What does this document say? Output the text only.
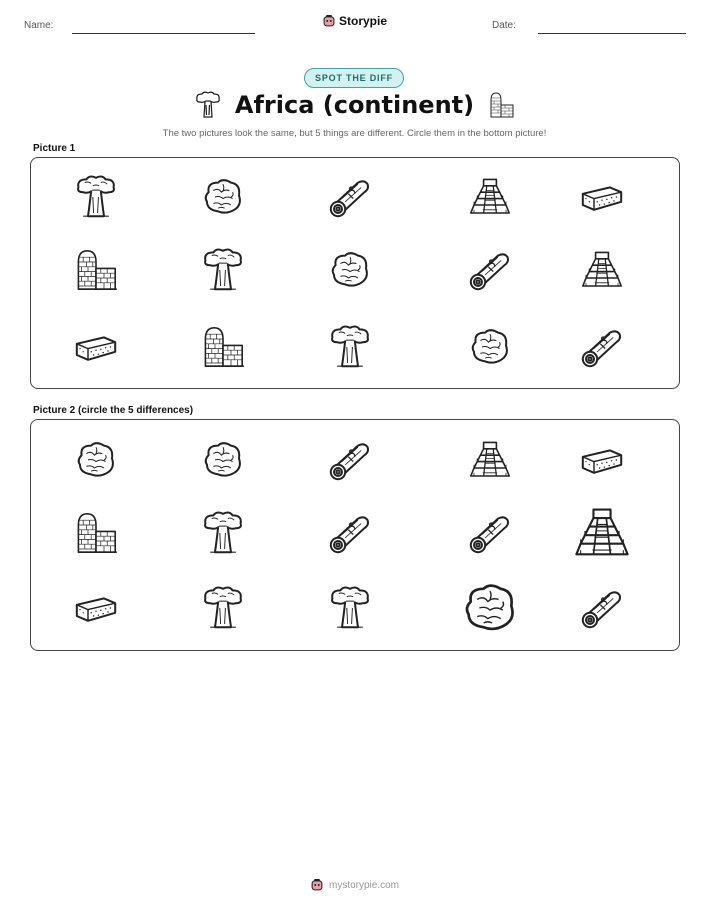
Name:	Storypie	Date:
SPOT THE DIFF
Africa (continent)
The two pictures look the same, but 5 things are different. Circle them in the bottom picture!
Picture 1
Picture 2 (circle the 5 differences)
mystorypie.com
